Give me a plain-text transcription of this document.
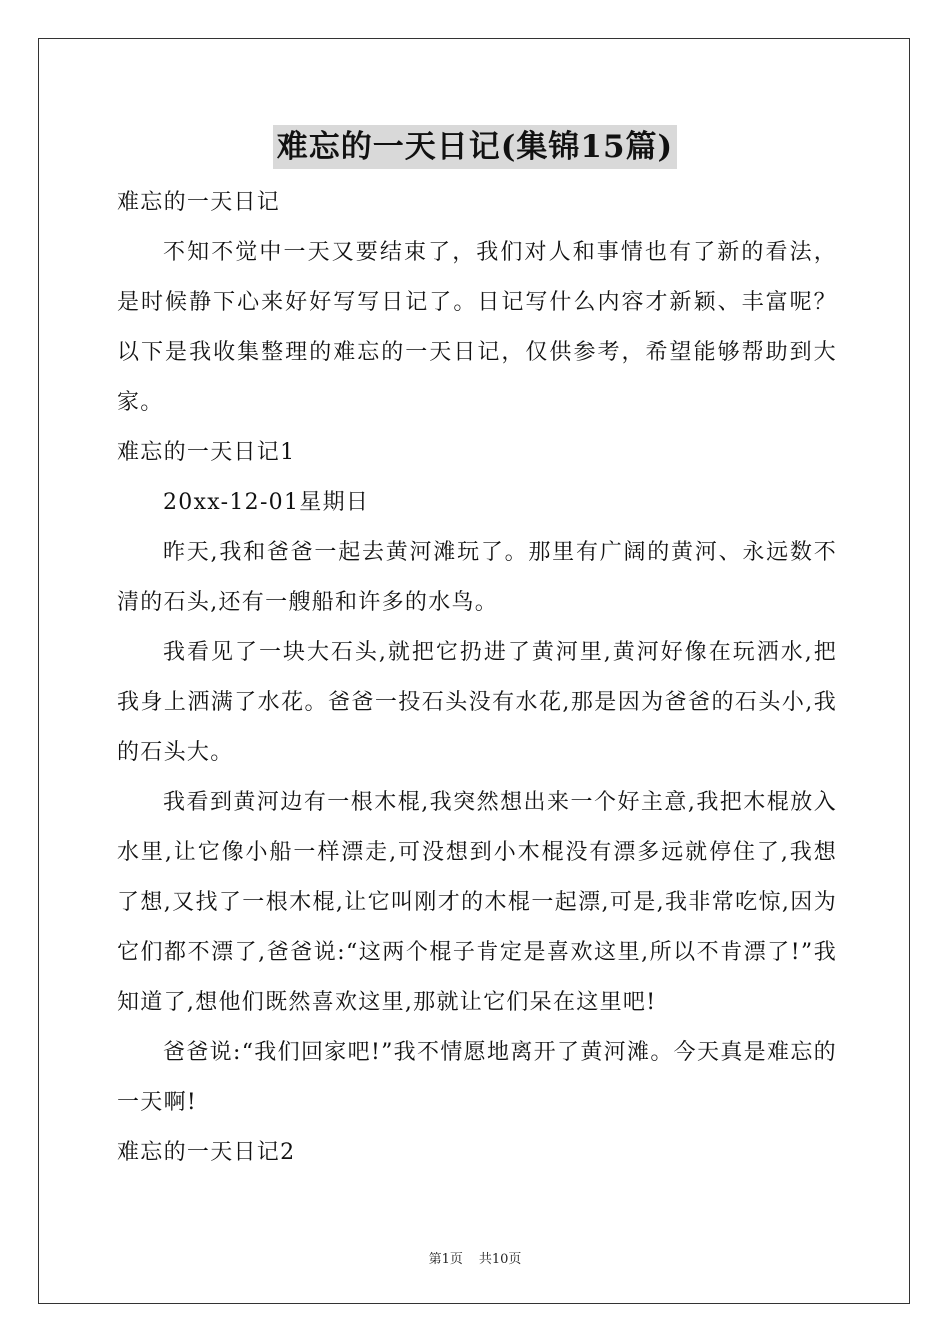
难忘的一天日记(集锦15篇)

难忘的一天日记

不知不觉中一天又要结束了，我们对人和事情也有了新的看法，是时候静下心来好好写写日记了。日记写什么内容才新颖、丰富呢？以下是我收集整理的难忘的一天日记，仅供参考，希望能够帮助到大家。

难忘的一天日记1

20xx-12-01星期日

昨天,我和爸爸一起去黄河滩玩了。那里有广阔的黄河、永远数不清的石头,还有一艘船和许多的水鸟。

我看见了一块大石头,就把它扔进了黄河里,黄河好像在玩洒水,把我身上洒满了水花。爸爸一投石头没有水花,那是因为爸爸的石头小,我的石头大。

我看到黄河边有一根木棍,我突然想出来一个好主意,我把木棍放入水里,让它像小船一样漂走,可没想到小木棍没有漂多远就停住了,我想了想,又找了一根木棍,让它叫刚才的木棍一起漂,可是,我非常吃惊,因为它们都不漂了,爸爸说:“这两个棍子肯定是喜欢这里,所以不肯漂了!”我知道了,想他们既然喜欢这里,那就让它们呆在这里吧!

爸爸说:“我们回家吧!”我不情愿地离开了黄河滩。今天真是难忘的一天啊!

难忘的一天日记2

第1页 共10页
